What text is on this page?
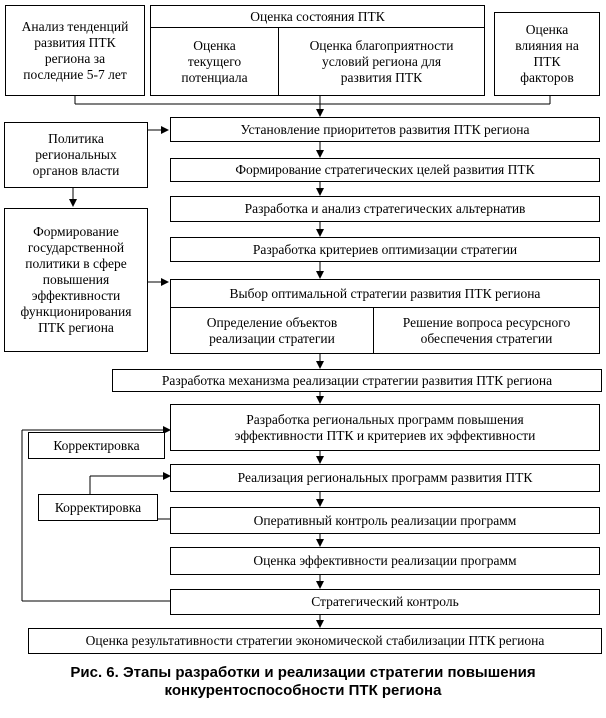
Анализ тенденций
развития ПТК
региона за
последние 5-7 лет
Оценка состояния ПТК
Оценка
текущего
потенциала
Оценка благоприятности
условий региона для
развития ПТК
Оценка
влияния на
ПТК
факторов
Политика
региональных
органов власти
Формирование
государственной
политики в сфере
повышения
эффективности
функционирования
ПТК региона
Установление приоритетов развития ПТК региона
Формирование стратегических целей развития ПТК
Разработка и анализ стратегических альтернатив
Разработка критериев оптимизации стратегии
Выбор оптимальной стратегии развития ПТК региона
Определение объектов
реализации стратегии
Решение вопроса ресурсного
обеспечения стратегии
Разработка механизма реализации стратегии развития ПТК региона
Разработка региональных программ повышения
эффективности ПТК и критериев их эффективности
Реализация региональных программ развития ПТК
Оперативный контроль реализации программ
Оценка эффективности реализации программ
Стратегический контроль
Оценка результативности стратегии экономической стабилизации ПТК региона
Корректировка
Корректировка
Рис. 6. Этапы разработки и реализации стратегии повышения
конкурентоспособности ПТК региона
